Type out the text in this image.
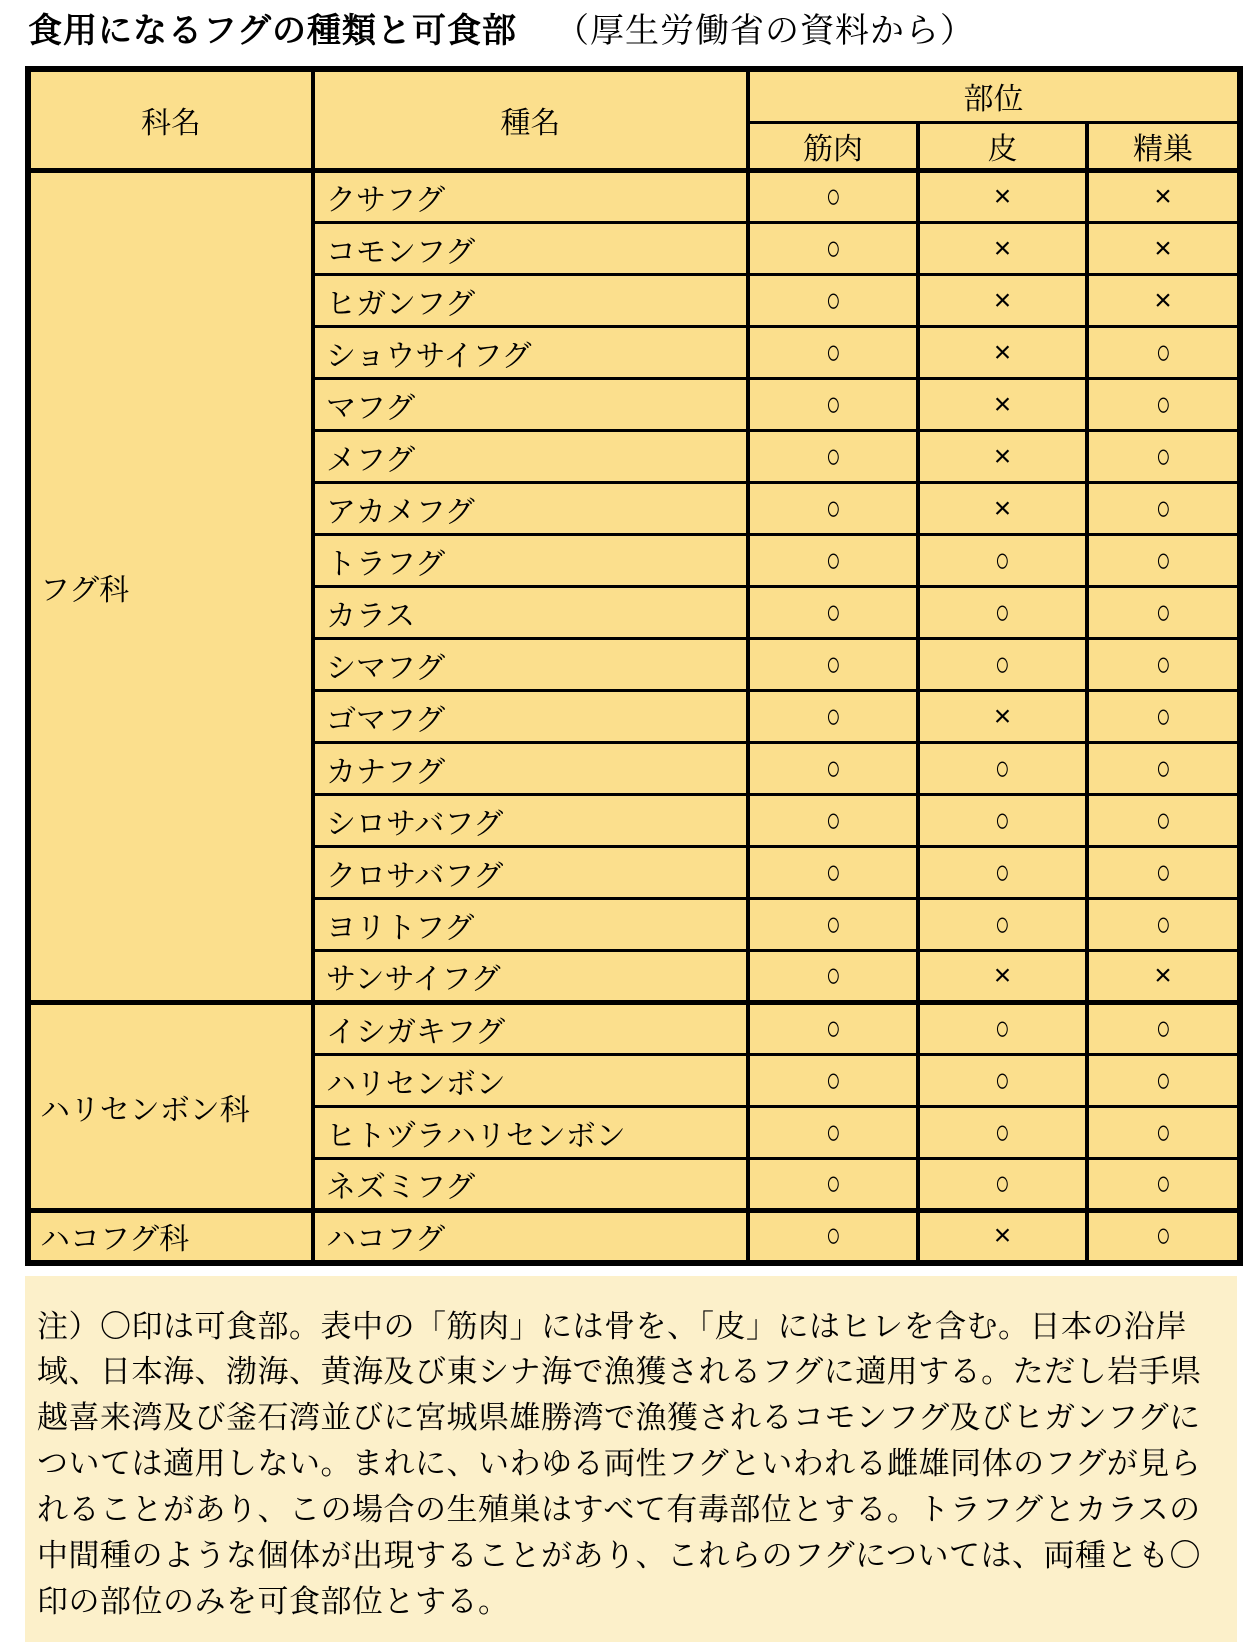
食用になるフグの種類と可食部 （厚生労働省の資料から）
科名	種名	部位		
		筋肉	皮	精巣
フグ科	クサフグ	○	×	×
	コモンフグ	○	×	×
	ヒガンフグ	○	×	×
	ショウサイフグ	○	×	○
	マフグ	○	×	○
	メフグ	○	×	○
	アカメフグ	○	×	○
	トラフグ	○	○	○
	カラス	○	○	○
	シマフグ	○	○	○
	ゴマフグ	○	×	○
	カナフグ	○	○	○
	シロサバフグ	○	○	○
	クロサバフグ	○	○	○
	ヨリトフグ	○	○	○
	サンサイフグ	○	×	×
ハリセンボン科	イシガキフグ	○	○	○
	ハリセンボン	○	○	○
	ヒトヅラハリセンボン	○	○	○
	ネズミフグ	○	○	○
ハコフグ科	ハコフグ	○	×	○

注）〇印は可食部。表中の「筋肉」には骨を、「皮」にはヒレを含む。日本の沿岸域、日本海、渤海、黄海及び東シナ海で漁獲されるフグに適用する。ただし岩手県越喜来湾及び釜石湾並びに宮城県雄勝湾で漁獲されるコモンフグ及びヒガンフグについては適用しない。まれに、いわゆる両性フグといわれる雌雄同体のフグが見られることがあり、この場合の生殖巣はすべて有毒部位とする。トラフグとカラスの中間種のような個体が出現することがあり、これらのフグについては、両種とも〇印の部位のみを可食部位とする。
